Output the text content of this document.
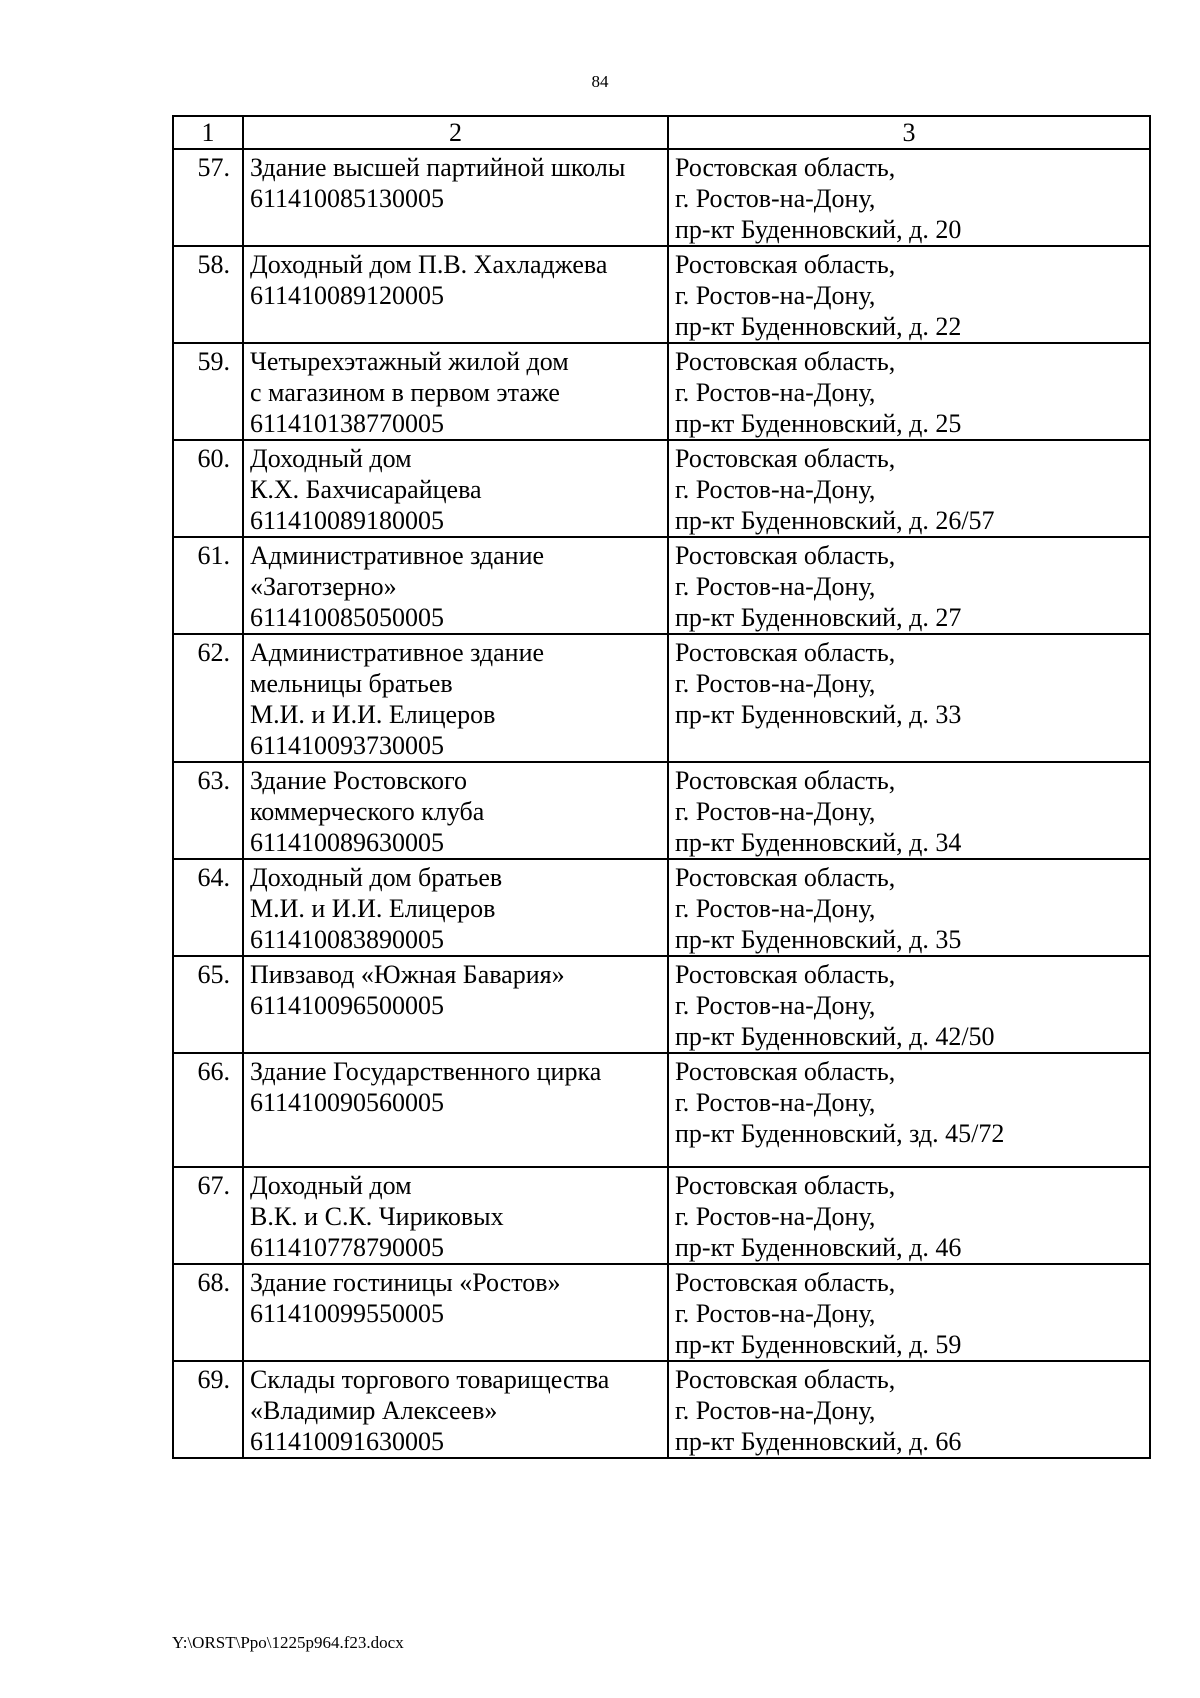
84
1	2	3
57.	Здание высшей партийной школы
611410085130005	Ростовская область,
г. Ростов-на-Дону,
пр-кт Буденновский, д. 20

58.	Доходный дом П.В. Хахладжева
611410089120005	Ростовская область,
г. Ростов-на-Дону,
пр-кт Буденновский, д. 22

59.	Четырехэтажный жилой дом
с магазином в первом этаже
611410138770005	Ростовская область,
г. Ростов-на-Дону,
пр-кт Буденновский, д. 25

60.	Доходный дом
К.Х. Бахчисарайцева
611410089180005	Ростовская область,
г. Ростов-на-Дону,
пр-кт Буденновский, д. 26/57

61.	Административное здание
«Заготзерно»
611410085050005	Ростовская область,
г. Ростов-на-Дону,
пр-кт Буденновский, д. 27

62.	Административное здание
мельницы братьев
М.И. и И.И. Елицеров
611410093730005	Ростовская область,
г. Ростов-на-Дону,
пр-кт Буденновский, д. 33

63.	Здание Ростовского
коммерческого клуба
611410089630005	Ростовская область,
г. Ростов-на-Дону,
пр-кт Буденновский, д. 34

64.	Доходный дом братьев
М.И. и И.И. Елицеров
611410083890005	Ростовская область,
г. Ростов-на-Дону,
пр-кт Буденновский, д. 35

65.	Пивзавод «Южная Бавария»
611410096500005	Ростовская область,
г. Ростов-на-Дону,
пр-кт Буденновский, д. 42/50

66.	Здание Государственного цирка
611410090560005	Ростовская область,
г. Ростов-на-Дону,
пр-кт Буденновский, зд. 45/72

67.	Доходный дом
В.К. и С.К. Чириковых
611410778790005	Ростовская область,
г. Ростов-на-Дону,
пр-кт Буденновский, д. 46

68.	Здание гостиницы «Ростов»
611410099550005	Ростовская область,
г. Ростов-на-Дону,
пр-кт Буденновский, д. 59

69.	Склады торгового товарищества
«Владимир Алексеев»
611410091630005	Ростовская область,
г. Ростов-на-Дону,
пр-кт Буденновский, д. 66
Y:\ORST\Ppo\1225p964.f23.docx
